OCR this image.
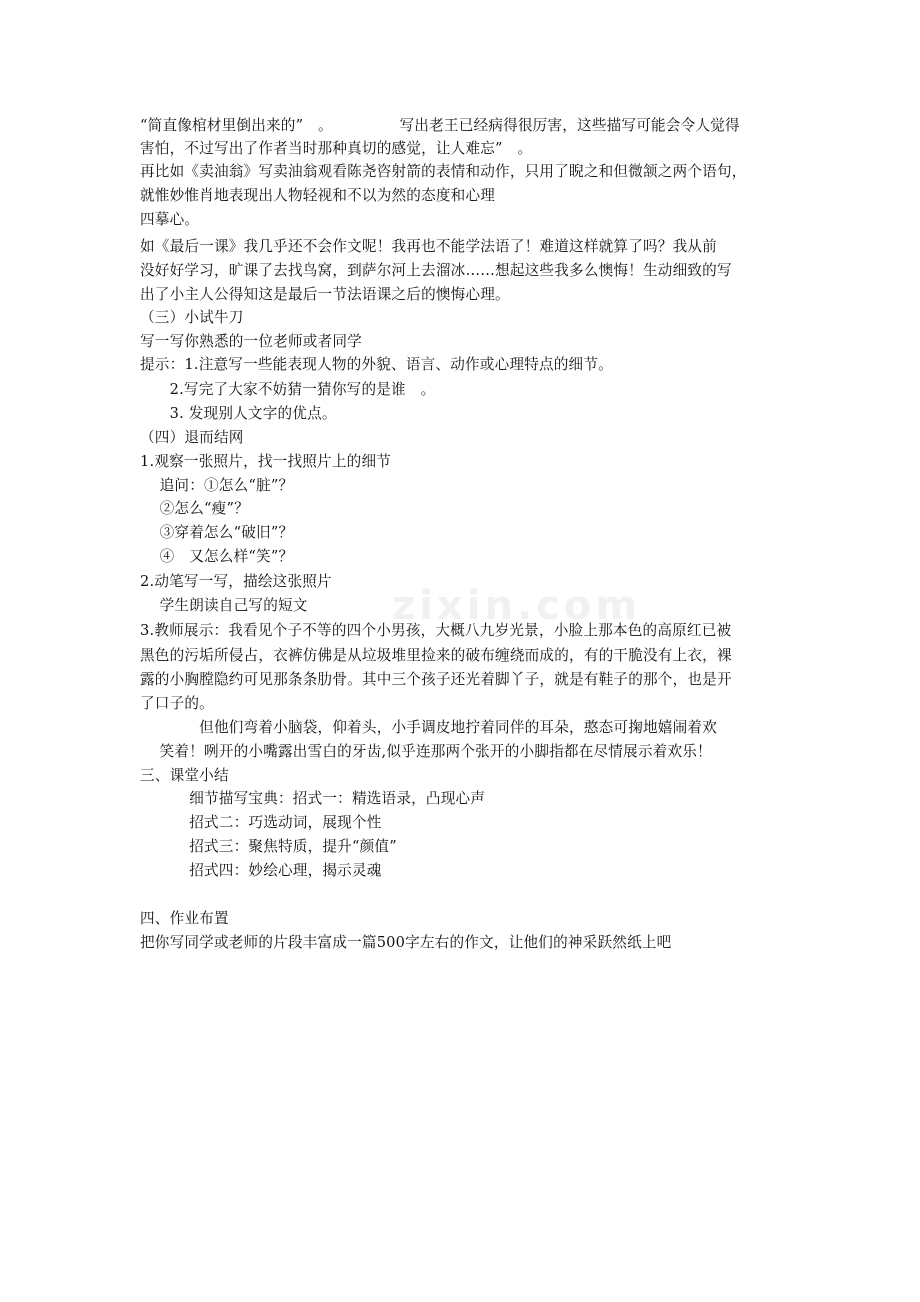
zixin.com
“简直像棺材里倒出来的”　。　　　　　写出老王已经病得很厉害，这些描写可能会令人觉得
害怕，不过写出了作者当时那种真切的感觉，让人难忘”　。
再比如《卖油翁》写卖油翁观看陈尧咨射箭的表情和动作，只用了睨之和但微颔之两个语句，
就惟妙惟肖地表现出人物轻视和不以为然的态度和心理
四摹心。
如《最后一课》我几乎还不会作文呢！我再也不能学法语了！难道这样就算了吗？我从前
没好好学习，旷课了去找鸟窝，到萨尔河上去溜冰……想起这些我多么懊悔！生动细致的写
出了小主人公得知这是最后一节法语课之后的懊悔心理。
（三）小试牛刀
写一写你熟悉的一位老师或者同学
提示：1.注意写一些能表现人物的外貌、语言、动作或心理特点的细节。
　　2.写完了大家不妨猜一猜你写的是谁　。
　　3. 发现别人文字的优点。
（四）退而结网
1.观察一张照片，找一找照片上的细节
　 追问：①怎么“脏”？
　 ②怎么“瘦”？
　 ③穿着怎么“破旧”？
　 ④　又怎么样“笑”？
2.动笔写一写，描绘这张照片
　 学生朗读自己写的短文
3.教师展示：我看见个子不等的四个小男孩，大概八九岁光景，小脸上那本色的高原红已被
黑色的污垢所侵占，衣裤仿佛是从垃圾堆里捡来的破布缠绕而成的，有的干脆没有上衣，裸
露的小胸膛隐约可见那条条肋骨。其中三个孩子还光着脚丫子，就是有鞋子的那个，也是开
了口子的。
　　　　但他们弯着小脑袋，仰着头，小手调皮地拧着同伴的耳朵，憨态可掬地嬉闹着欢
　 笑着！咧开的小嘴露出雪白的牙齿,似乎连那两个张开的小脚指都在尽情展示着欢乐！
三、课堂小结
　　　 细节描写宝典：招式一：精选语录，凸现心声
　　　 招式二：巧选动词，展现个性
　　　 招式三：聚焦特质，提升“颜值”
　　　 招式四：妙绘心理，揭示灵魂
四、作业布置
把你写同学或老师的片段丰富成一篇500字左右的作文，让他们的神采跃然纸上吧
